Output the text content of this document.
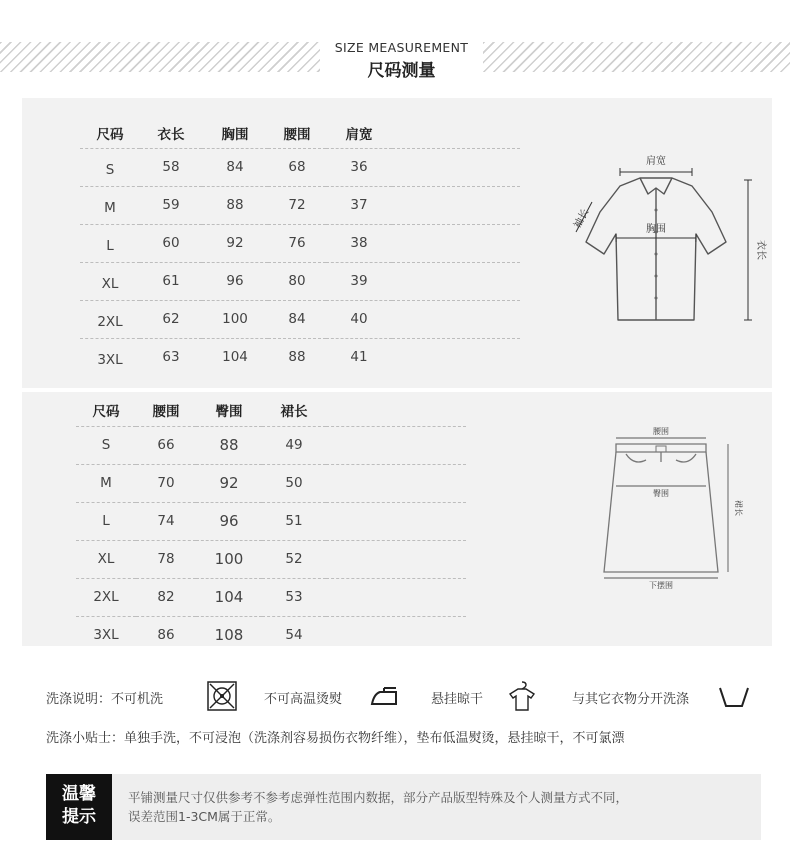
SIZE MEASUREMENT
尺码测量
尺码	衣长	胸围	腰围	肩宽	
S	58	84	68	36	
M	59	88	72	37	
L	60	92	76	38	
XL	61	96	80	39	
2XL	62	100	84	40	
3XL	63	104	88	41	
肩宽
胸围
袖长
衣长
尺码	腰围	臀围	裙长	
S	66	88	49	
M	70	92	50	
L	74	96	51	
XL	78	100	52	
2XL	82	104	53	
3XL	86	108	54	
腰围
臀围
下摆围
裙长
洗涤说明：不可机洗	不可高温烫熨	悬挂晾干	与其它衣物分开洗涤
洗涤小贴士：单独手洗，不可浸泡（洗涤剂容易损伤衣物纤维），垫布低温熨烫，悬挂晾干，不可氯漂
温馨
提示
平铺测量尺寸仅供参考不参考虑弹性范围内数据，部分产品版型特殊及个人测量方式不同，
误差范围1-3CM属于正常。
